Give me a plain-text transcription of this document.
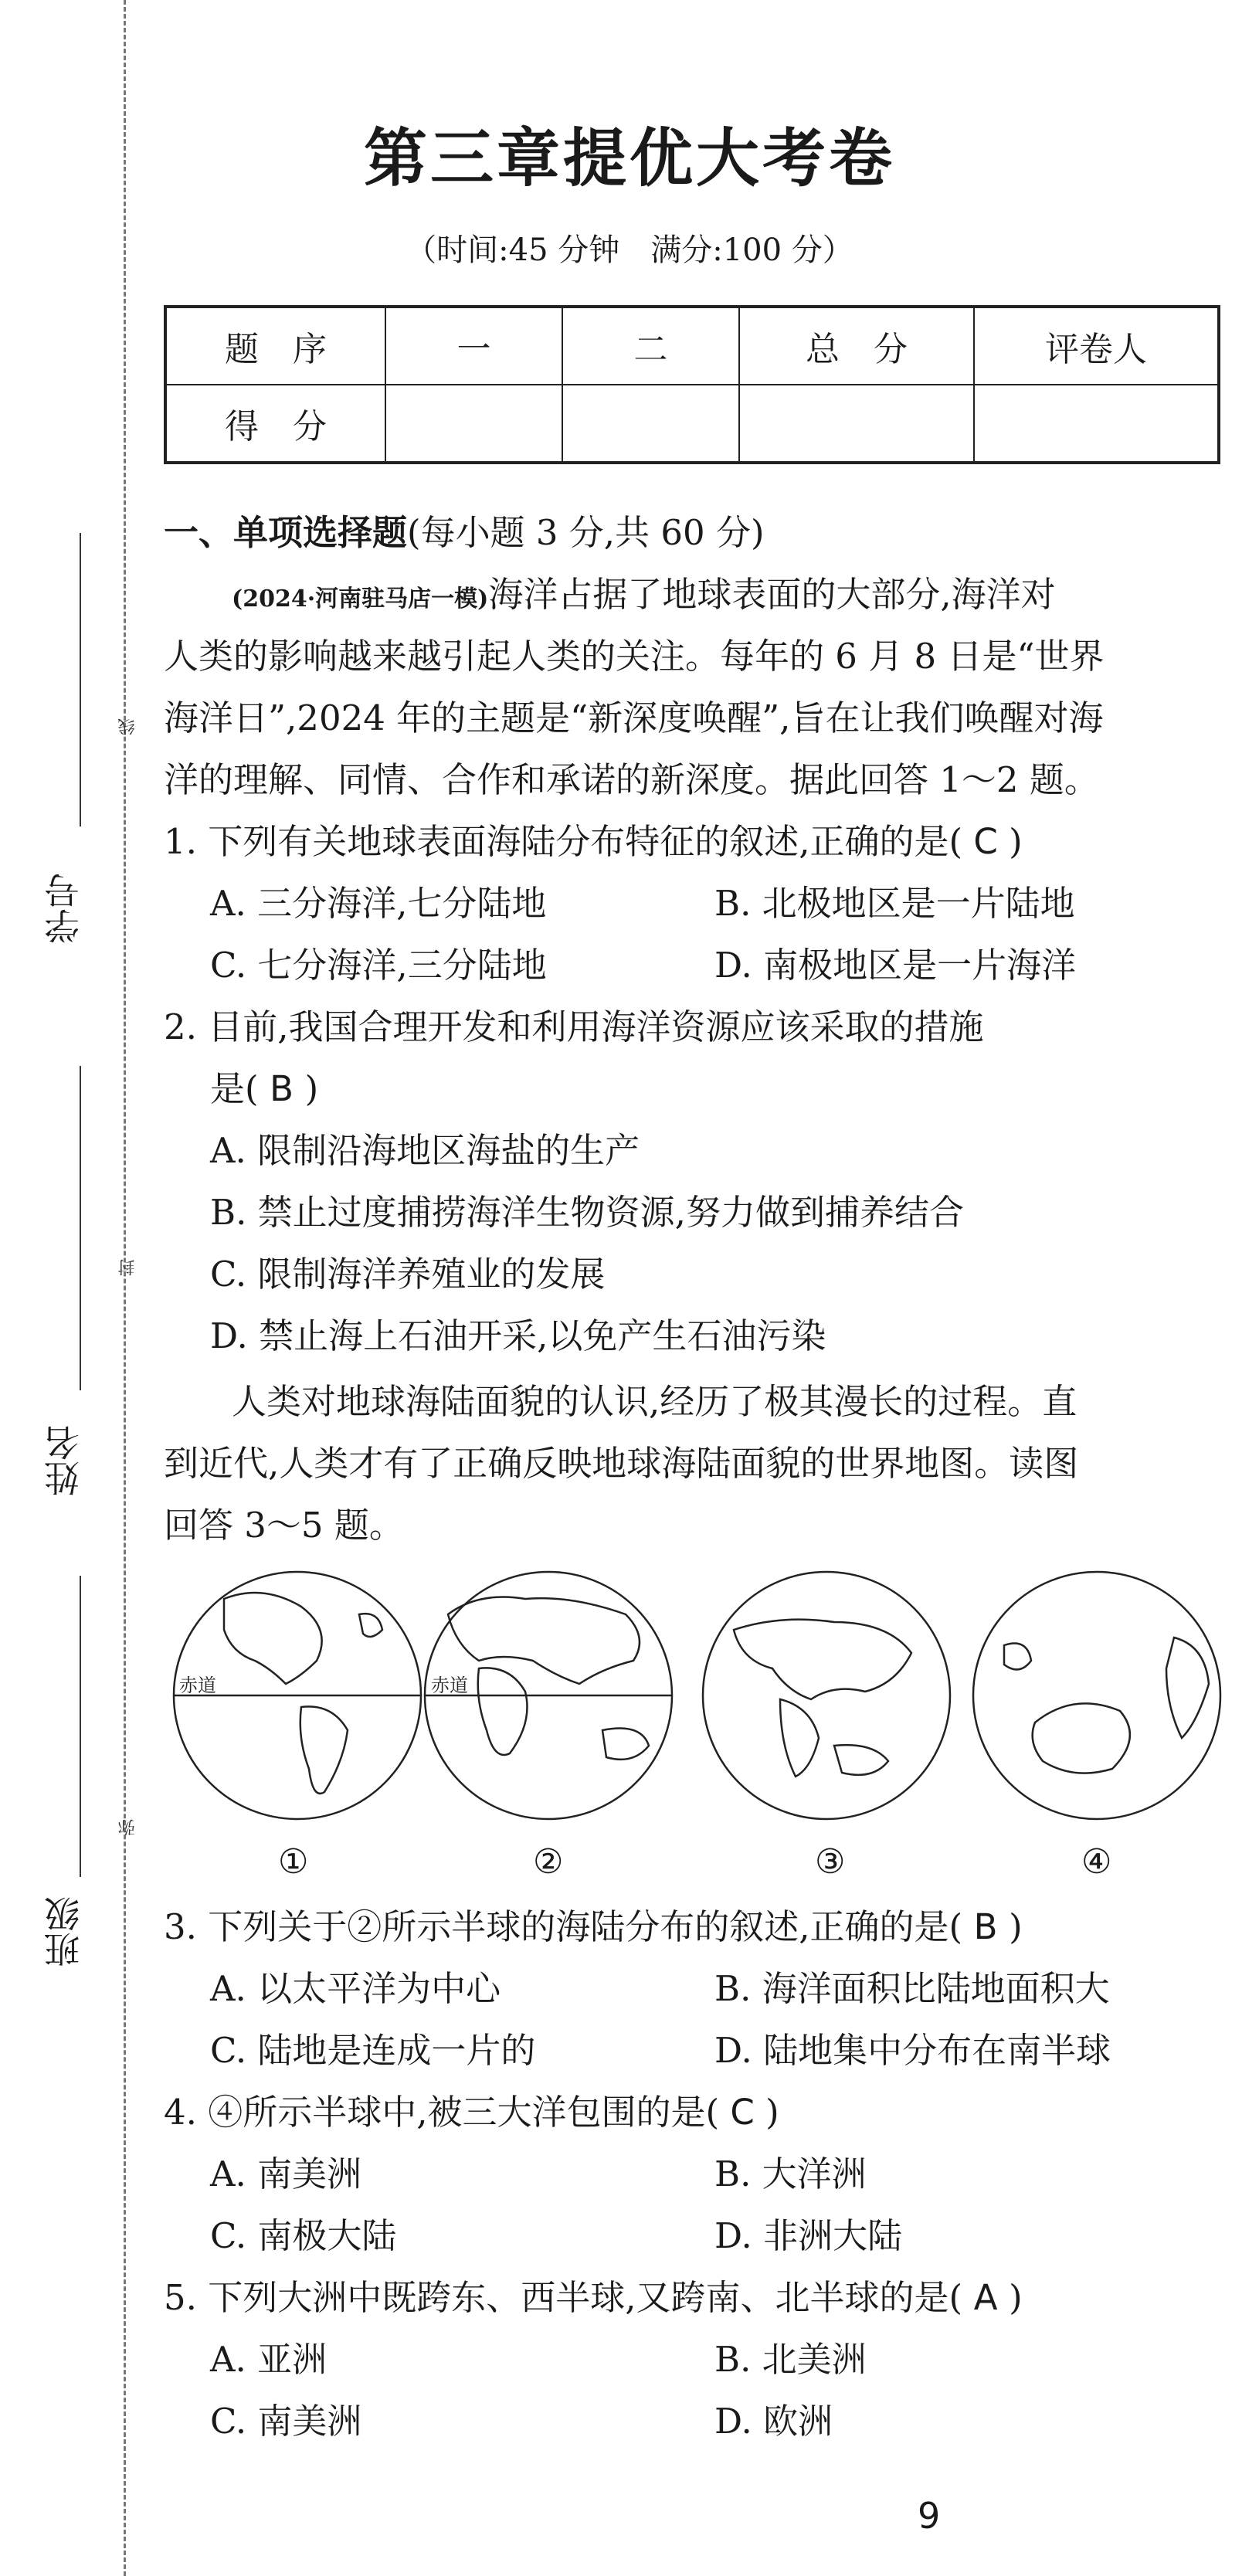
学号
姓名
班级
线
封
弥
第三章提优大考卷
（时间:45 分钟　满分:100 分）
题　序	一	二	总　分	评卷人
得　分				
一、单项选择题(每小题 3 分,共 60 分)
(2024·河南驻马店一模)海洋占据了地球表面的大部分,海洋对
人类的影响越来越引起人类的关注。每年的 6 月 8 日是“世界
海洋日”,2024 年的主题是“新深度唤醒”,旨在让我们唤醒对海
洋的理解、同情、合作和承诺的新深度。据此回答 1～2 题。
1. 下列有关地球表面海陆分布特征的叙述,正确的是( C )
A. 三分海洋,七分陆地	B. 北极地区是一片陆地
C. 七分海洋,三分陆地	D. 南极地区是一片海洋
2. 目前,我国合理开发和利用海洋资源应该采取的措施
是( B )
A. 限制沿海地区海盐的生产
B. 禁止过度捕捞海洋生物资源,努力做到捕养结合
C. 限制海洋养殖业的发展
D. 禁止海上石油开采,以免产生石油污染
人类对地球海陆面貌的认识,经历了极其漫长的过程。直
到近代,人类才有了正确反映地球海陆面貌的世界地图。读图
回答 3～5 题。
赤道	赤道
①	②	③	④
3. 下列关于②所示半球的海陆分布的叙述,正确的是( B )
A. 以太平洋为中心	B. 海洋面积比陆地面积大
C. 陆地是连成一片的	D. 陆地集中分布在南半球
4. ④所示半球中,被三大洋包围的是( C )
A. 南美洲	B. 大洋洲
C. 南极大陆	D. 非洲大陆
5. 下列大洲中既跨东、西半球,又跨南、北半球的是( A )
A. 亚洲	B. 北美洲
C. 南美洲	D. 欧洲
9
